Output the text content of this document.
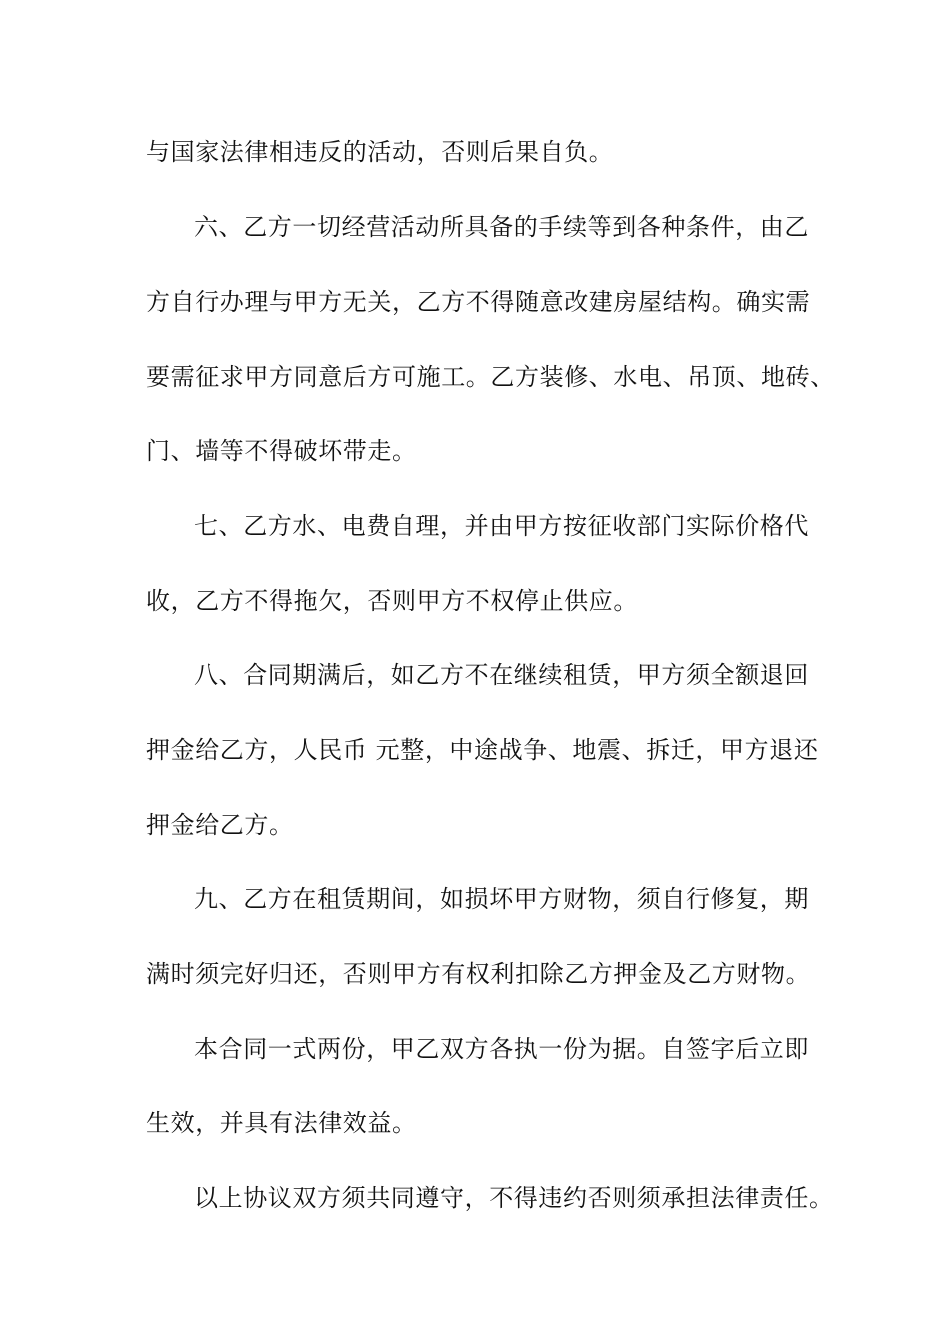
与国家法律相违反的活动，否则后果自负。
六、乙方一切经营活动所具备的手续等到各种条件，由乙
方自行办理与甲方无关，乙方不得随意改建房屋结构。确实需
要需征求甲方同意后方可施工。乙方装修、水电、吊顶、地砖、
门、墙等不得破坏带走。
七、乙方水、电费自理，并由甲方按征收部门实际价格代
收，乙方不得拖欠，否则甲方不权停止供应。
八、合同期满后，如乙方不在继续租赁，甲方须全额退回
押金给乙方，人民币 元整，中途战争、地震、拆迁，甲方退还
押金给乙方。
九、乙方在租赁期间，如损坏甲方财物，须自行修复，期
满时须完好归还，否则甲方有权利扣除乙方押金及乙方财物。
本合同一式两份，甲乙双方各执一份为据。自签字后立即
生效，并具有法律效益。
以上协议双方须共同遵守，不得违约否则须承担法律责任。
